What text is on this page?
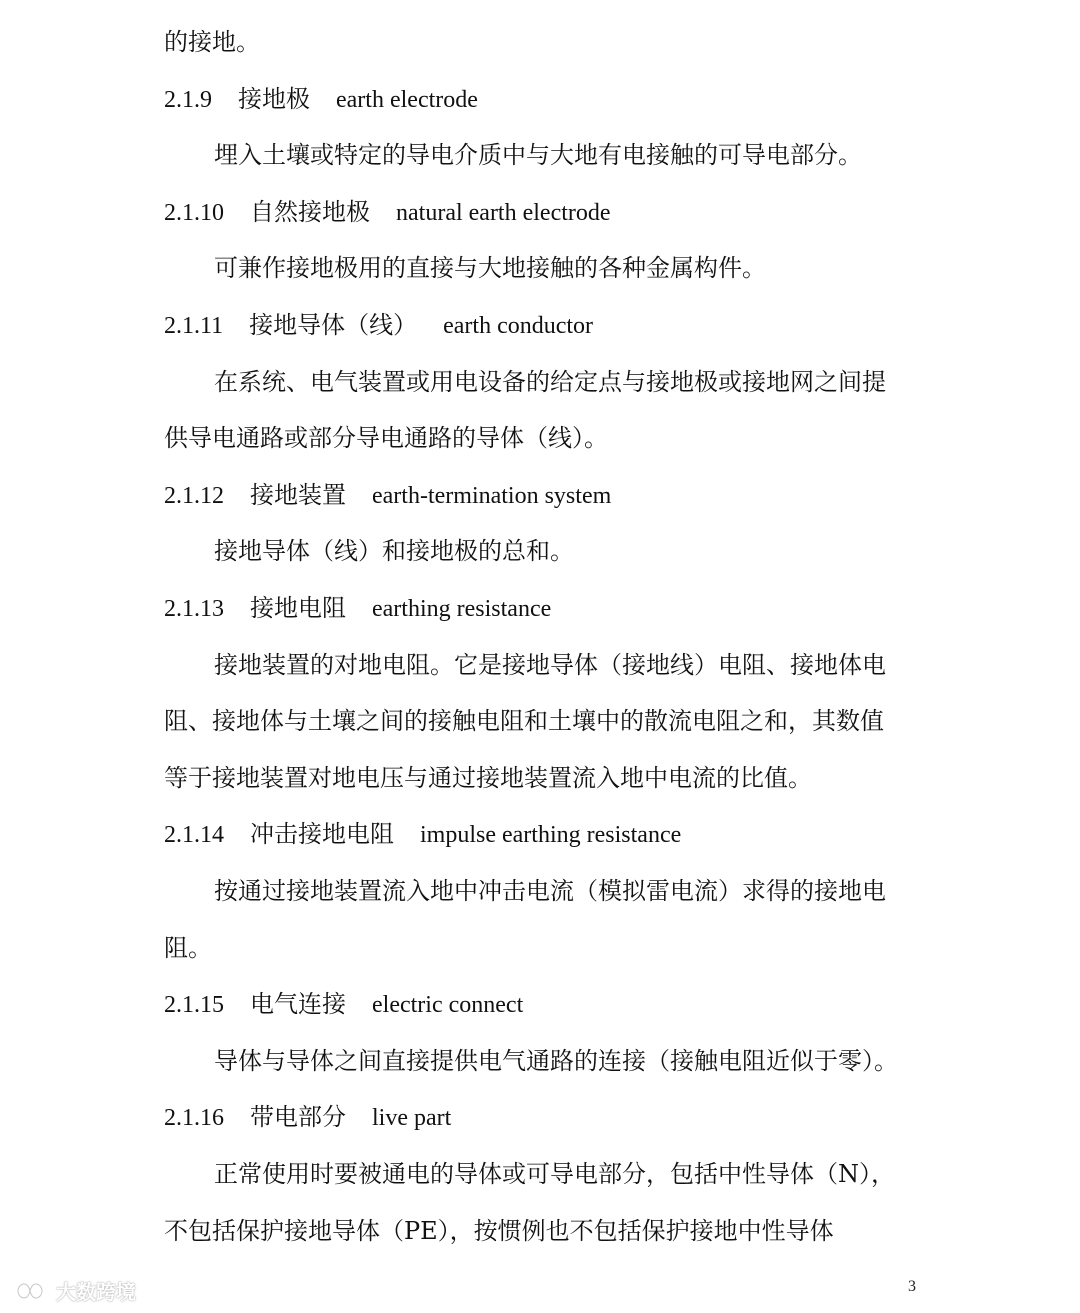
的接地。
2.1.9 接地极 earth electrode
埋入土壤或特定的导电介质中与大地有电接触的可导电部分。
2.1.10 自然接地极 natural earth electrode
可兼作接地极用的直接与大地接触的各种金属构件。
2.1.11 接地导体（线） earth conductor
在系统、电气装置或用电设备的给定点与接地极或接地网之间提
供导电通路或部分导电通路的导体（线）。
2.1.12 接地装置 earth-termination system
接地导体（线）和接地极的总和。
2.1.13 接地电阻 earthing resistance
接地装置的对地电阻。它是接地导体（接地线）电阻、接地体电
阻、接地体与土壤之间的接触电阻和土壤中的散流电阻之和，其数值
等于接地装置对地电压与通过接地装置流入地中电流的比值。
2.1.14 冲击接地电阻 impulse earthing resistance
按通过接地装置流入地中冲击电流（模拟雷电流）求得的接地电
阻。
2.1.15 电气连接 electric connect
导体与导体之间直接提供电气通路的连接（接触电阻近似于零）。
2.1.16 带电部分 live part
正常使用时要被通电的导体或可导电部分，包括中性导体（N），
不包括保护接地导体（PE），按惯例也不包括保护接地中性导体
3
大数跨境
